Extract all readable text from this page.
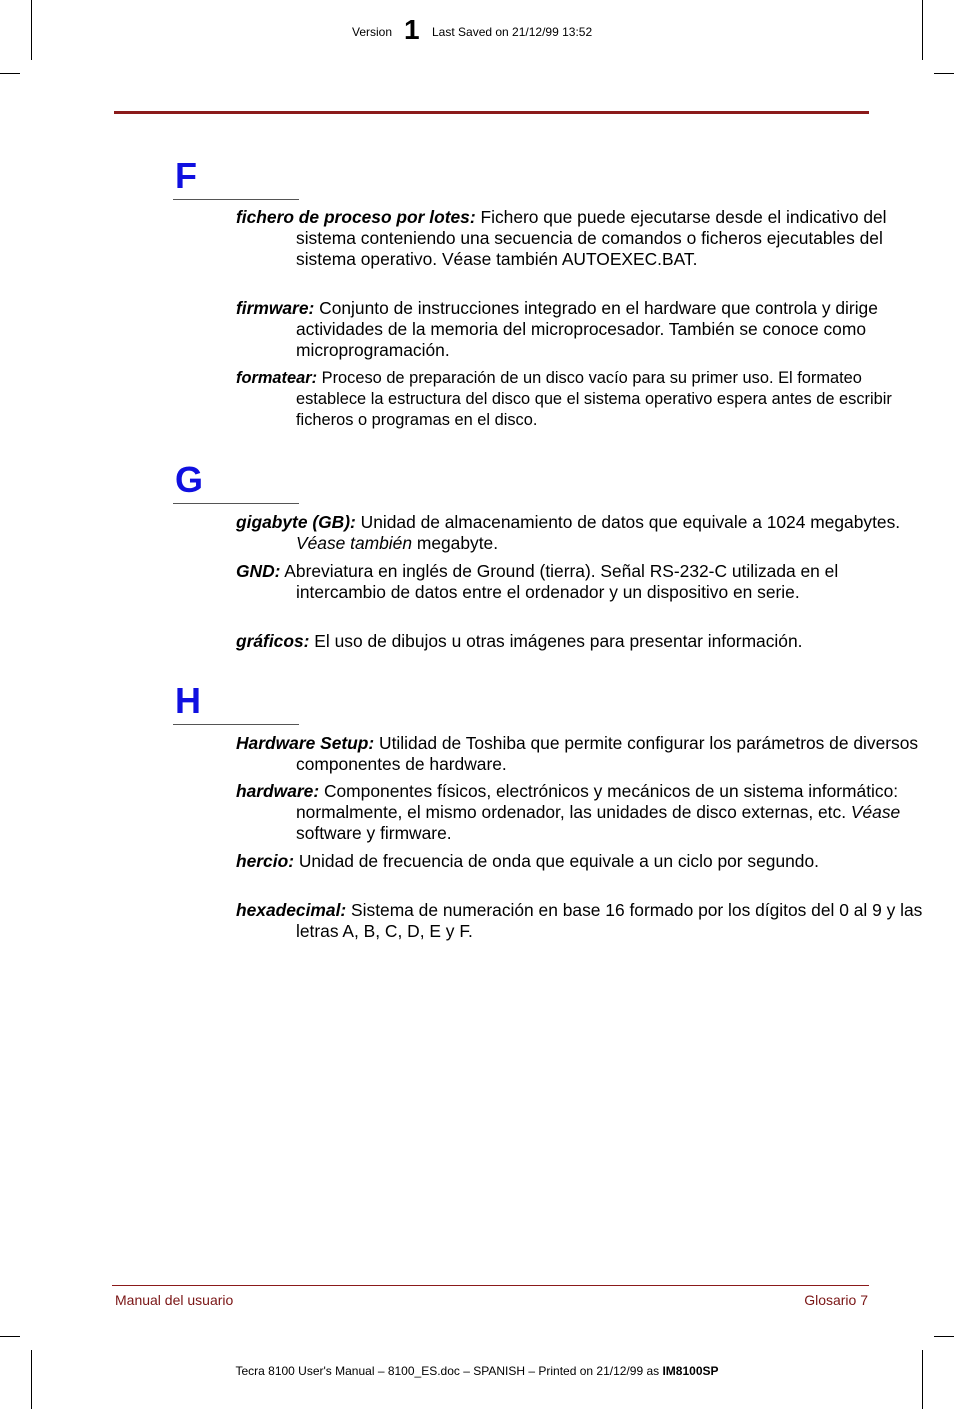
Version 1 Last Saved on 21/12/99 13:52
F
fichero de proceso por lotes: Fichero que puede ejecutarse desde el indicativo del sistema conteniendo una secuencia de comandos o ficheros ejecutables del sistema operativo. Véase también AUTOEXEC.BAT.
firmware: Conjunto de instrucciones integrado en el hardware que controla y dirige actividades de la memoria del microprocesador. También se conoce como microprogramación.
formatear: Proceso de preparación de un disco vacío para su primer uso. El formateo establece la estructura del disco que el sistema operativo espera antes de escribir ficheros o programas en el disco.
G
gigabyte (GB): Unidad de almacenamiento de datos que equivale a 1024 megabytes. Véase también megabyte.
GND: Abreviatura en inglés de Ground (tierra). Señal RS-232-C utilizada en el intercambio de datos entre el ordenador y un dispositivo en serie.
gráficos: El uso de dibujos u otras imágenes para presentar información.
H
Hardware Setup: Utilidad de Toshiba que permite configurar los parámetros de diversos componentes de hardware.
hardware: Componentes físicos, electrónicos y mecánicos de un sistema informático: normalmente, el mismo ordenador, las unidades de disco externas, etc. Véase software y firmware.
hercio: Unidad de frecuencia de onda que equivale a un ciclo por segundo.
hexadecimal: Sistema de numeración en base 16 formado por los dígitos del 0 al 9 y las letras A, B, C, D, E y F.
Manual del usuario	Glosario 7
Tecra 8100 User's Manual – 8100_ES.doc – SPANISH – Printed on 21/12/99 as IM8100SP
